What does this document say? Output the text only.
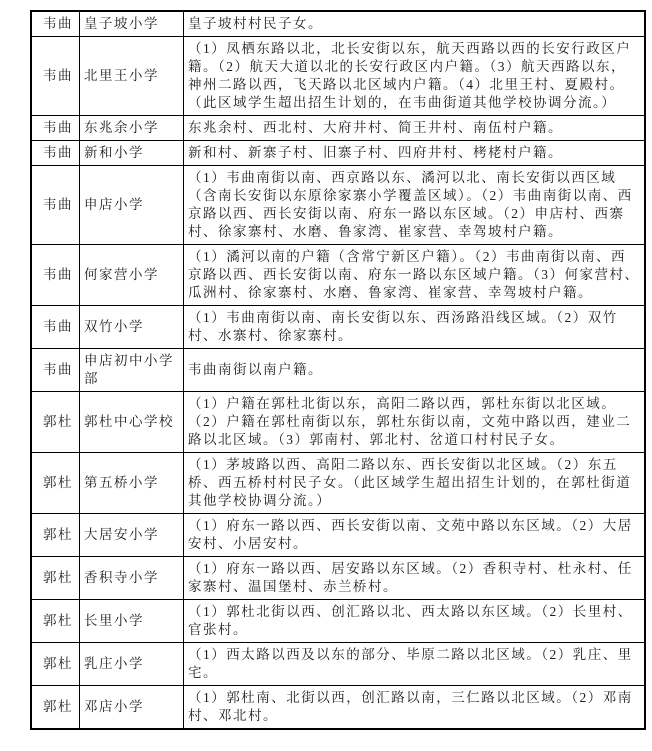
韦曲	皇子坡小学	皇子坡村村民子女。
韦曲	北里王小学	（1）凤栖东路以北，北长安街以东，航天西路以西的长安行政区户籍。（2）航天大道以北的长安行政区内户籍。（3）航天西路以东，神州二路以西，飞天路以北区域内户籍。（4）北里王村、夏殿村。（此区域学生超出招生计划的，在韦曲街道其他学校协调分流。）
韦曲	东兆余小学	东兆余村、西北村、大府井村、简王井村、南伍村户籍。
韦曲	新和小学	新和村、新寨子村、旧寨子村、四府井村、栲栳村户籍。
韦曲	申店小学	（1）韦曲南街以南、西京路以东、潏河以北、南长安街以西区域（含南长安街以东原徐家寨小学覆盖区域）。（2）韦曲南街以南、西京路以西、西长安街以南、府东一路以东区域。（2）申店村、西寨村、徐家寨村、水磨、鲁家湾、崔家营、幸驾坡村户籍。
韦曲	何家营小学	（1）潏河以南的户籍（含常宁新区户籍）。（2）韦曲南街以南、西京路以西、西长安街以南、府东一路以东区域户籍。（3）何家营村、瓜洲村、徐家寨村、水磨、鲁家湾、崔家营、幸驾坡村户籍。
韦曲	双竹小学	（1）韦曲南街以南、南长安街以东、西汤路沿线区域。（2）双竹村、水寨村、徐家寨村。
韦曲	申店初中小学部	韦曲南街以南户籍。
郭杜	郭杜中心学校	（1）户籍在郭杜北街以东，高阳二路以西，郭杜东街以北区域。（2）户籍在郭杜南街以东，郭杜东街以南，文苑中路以西，建业二路以北区域。（3）郭南村、郭北村、岔道口村村民子女。
郭杜	第五桥小学	（1）茅坡路以西、高阳二路以东、西长安街以北区域。（2）东五桥、西五桥村村民子女。（此区域学生超出招生计划的，在郭杜街道其他学校协调分流。）
郭杜	大居安小学	（1）府东一路以西、西长安街以南、文苑中路以东区域。（2）大居安村、小居安村。
郭杜	香积寺小学	（1）府东一路以西、居安路以东区域。（2）香积寺村、杜永村、任家寨村、温国堡村、赤兰桥村。
郭杜	长里小学	（1）郭杜北街以西、创汇路以北、西太路以东区域。（2）长里村、官张村。
郭杜	乳庄小学	（1）西太路以西及以东的部分、毕原二路以北区域。（2）乳庄、里宅。
郭杜	邓店小学	（1）郭杜南、北街以西，创汇路以南，三仁路以北区域。（2）邓南村、邓北村。
